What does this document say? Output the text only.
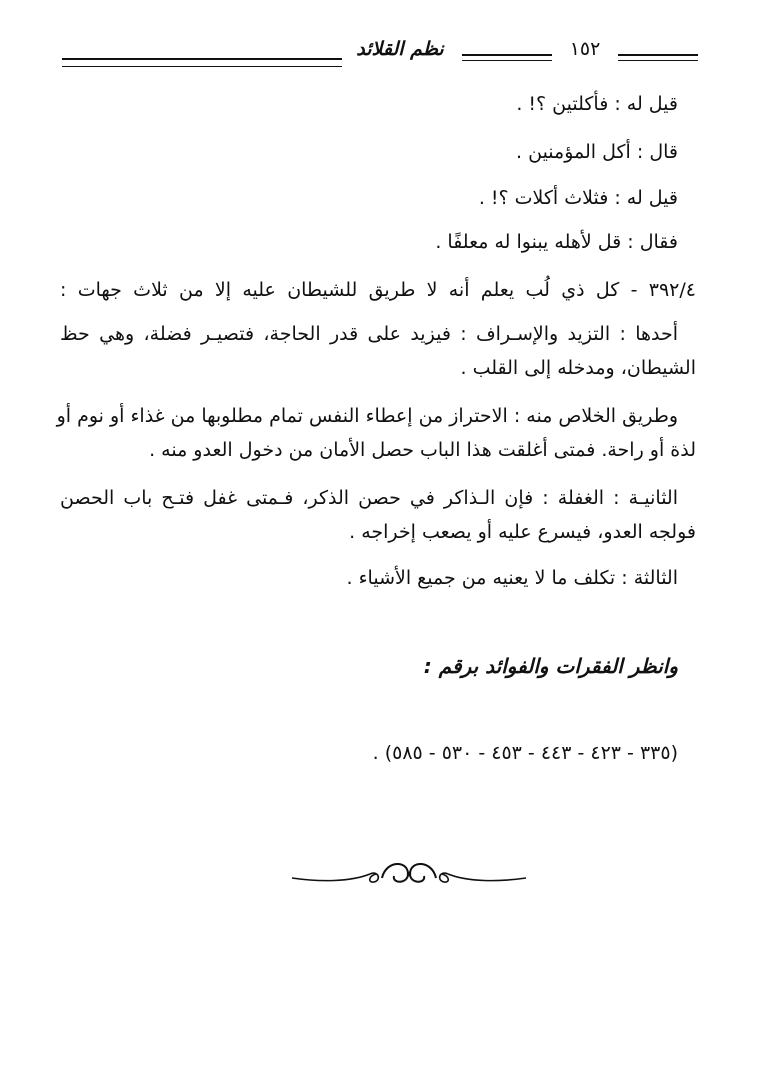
نظم القلائد	١٥٢
قيل له : فأكلتين ؟! .
قال : أكل المؤمنين .
قيل له : فثلاث أكلات ؟! .
فقال : قل لأهله يبنوا له معلفًا .
٣٩٢/٤ - كل ذي لُب يعلم أنه لا طريق للشيطان عليه إلا من ثلاث جهات :
أحدها : التزيد والإسـراف : فيزيد على قدر الحاجة، فتصيـر فضلة، وهي حظ
الشيطان، ومدخله إلى القلب .
وطريق الخلاص منه : الاحتراز من إعطاء النفس تمام مطلوبها من غذاء أو نوم أو
لذة أو راحة. فمتى أغلقت هذا الباب حصل الأمان من دخول العدو منه .
الثانيـة : الغفلة : فإن الـذاكر في حصن الذكر، فـمتى غفل فتـح باب الحصن
فولجه العدو، فيسرع عليه أو يصعب إخراجه .
الثالثة : تكلف ما لا يعنيه من جميع الأشياء .
وانظر الفقرات والفوائد برقم :
(٣٣٥ - ٤٢٣ - ٤٤٣ - ٤٥٣ - ٥٣٠ - ٥٨٥) .
